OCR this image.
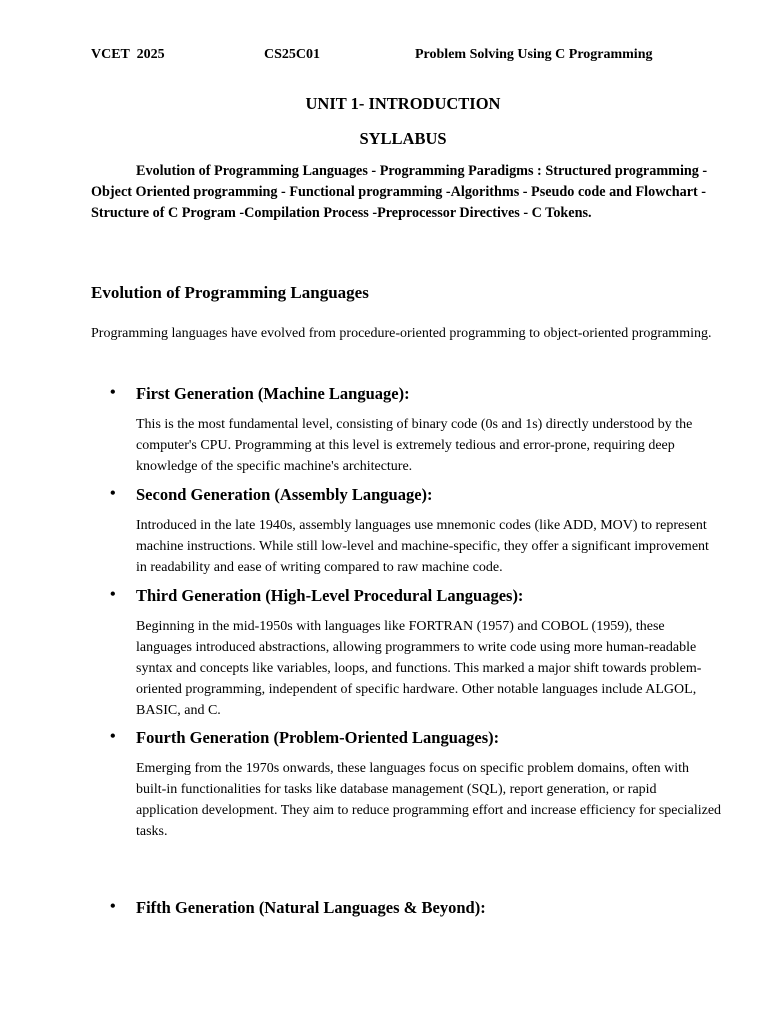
VCET  2025	CS25C01	Problem Solving Using C Programming
UNIT 1- INTRODUCTION
SYLLABUS
Evolution of Programming Languages - Programming Paradigms : Structured programming - Object Oriented programming - Functional programming -Algorithms - Pseudo code and Flowchart - Structure of C Program -Compilation Process -Preprocessor Directives - C Tokens.
Evolution of Programming Languages
Programming languages have evolved from procedure-oriented programming to object-oriented programming.
• First Generation (Machine Language):
This is the most fundamental level, consisting of binary code (0s and 1s) directly understood by the computer's CPU. Programming at this level is extremely tedious and error-prone, requiring deep knowledge of the specific machine's architecture.
• Second Generation (Assembly Language):
Introduced in the late 1940s, assembly languages use mnemonic codes (like ADD, MOV) to represent machine instructions. While still low-level and machine-specific, they offer a significant improvement in readability and ease of writing compared to raw machine code.
• Third Generation (High-Level Procedural Languages):
Beginning in the mid-1950s with languages like FORTRAN (1957) and COBOL (1959), these languages introduced abstractions, allowing programmers to write code using more human-readable syntax and concepts like variables, loops, and functions. This marked a major shift towards problem-oriented programming, independent of specific hardware. Other notable languages include ALGOL, BASIC, and C.
• Fourth Generation (Problem-Oriented Languages):
Emerging from the 1970s onwards, these languages focus on specific problem domains, often with built-in functionalities for tasks like database management (SQL), report generation, or rapid application development. They aim to reduce programming effort and increase efficiency for specialized tasks.
• Fifth Generation (Natural Languages & Beyond):
